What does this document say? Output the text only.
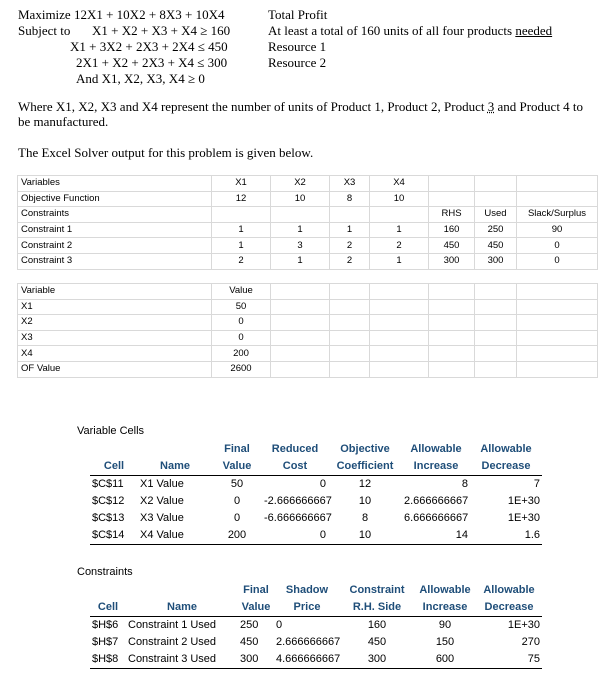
Maximize 12X1 + 10X2 + 8X3 + 10X4
Subject to X1 + X2 + X3 + X4 ≥ 160
X1 + 3X2 + 2X3 + 2X4 ≤ 450
2X1 + X2 + 2X3 + X4 ≤ 300
And X1, X2, X3, X4 ≥ 0
Total Profit
At least a total of 160 units of all four products needed
Resource 1
Resource 2
Where X1, X2, X3 and X4 represent the number of units of Product 1, Product 2, Product 3 and Product 4 to
be manufactured.
The Excel Solver output for this problem is given below.
Variables	X1	X2	X3	X4			
Objective Function	12	10	8	10			
Constraints					RHS	Used	Slack/Surplus
Constraint 1	1	1	1	1	160	250	90
Constraint 2	1	3	2	2	450	450	0
Constraint 3	2	1	2	1	300	300	0
Variable	Value						
X1	50						
X2	0						
X3	0						
X4	200						
OF Value	2600						
Variable Cells
		Final	Reduced	Objective	Allowable	Allowable
Cell	Name	Value	Cost	Coefficient	Increase	Decrease
$C$11	X1 Value	50	0	12	8	7
$C$12	X2 Value	0	-2.666666667	10	2.666666667	1E+30
$C$13	X3 Value	0	-6.666666667	8	6.666666667	1E+30
$C$14	X4 Value	200	0	10	14	1.6
Constraints
		Final	Shadow	Constraint	Allowable	Allowable
Cell	Name	Value	Price	R.H. Side	Increase	Decrease
$H$6	Constraint 1 Used	250	0	160	90	1E+30
$H$7	Constraint 2 Used	450	2.666666667	450	150	270
$H$8	Constraint 3 Used	300	4.666666667	300	600	75
